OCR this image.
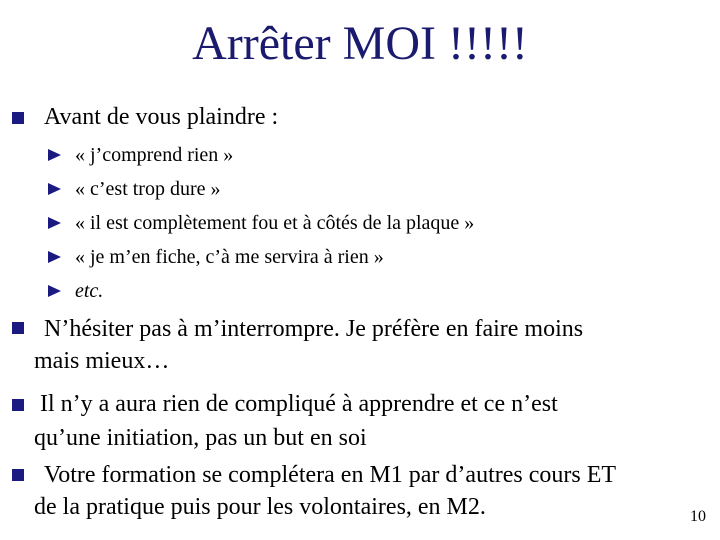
Arrêter MOI !!!!!
Avant de vous plaindre :
« j’comprend rien »
« c’est trop dure »
« il est complètement fou et à côtés de la plaque »
« je m’en fiche, c’à me servira à rien »
etc.
N’hésiter pas à m’interrompre. Je préfère en faire moins
mais mieux…
Il n’y a aura rien de compliqué à apprendre et ce n’est
qu’une initiation, pas un but en soi
Votre formation se complétera en M1 par d’autres cours ET
de la pratique puis pour les volontaires, en M2.	10
